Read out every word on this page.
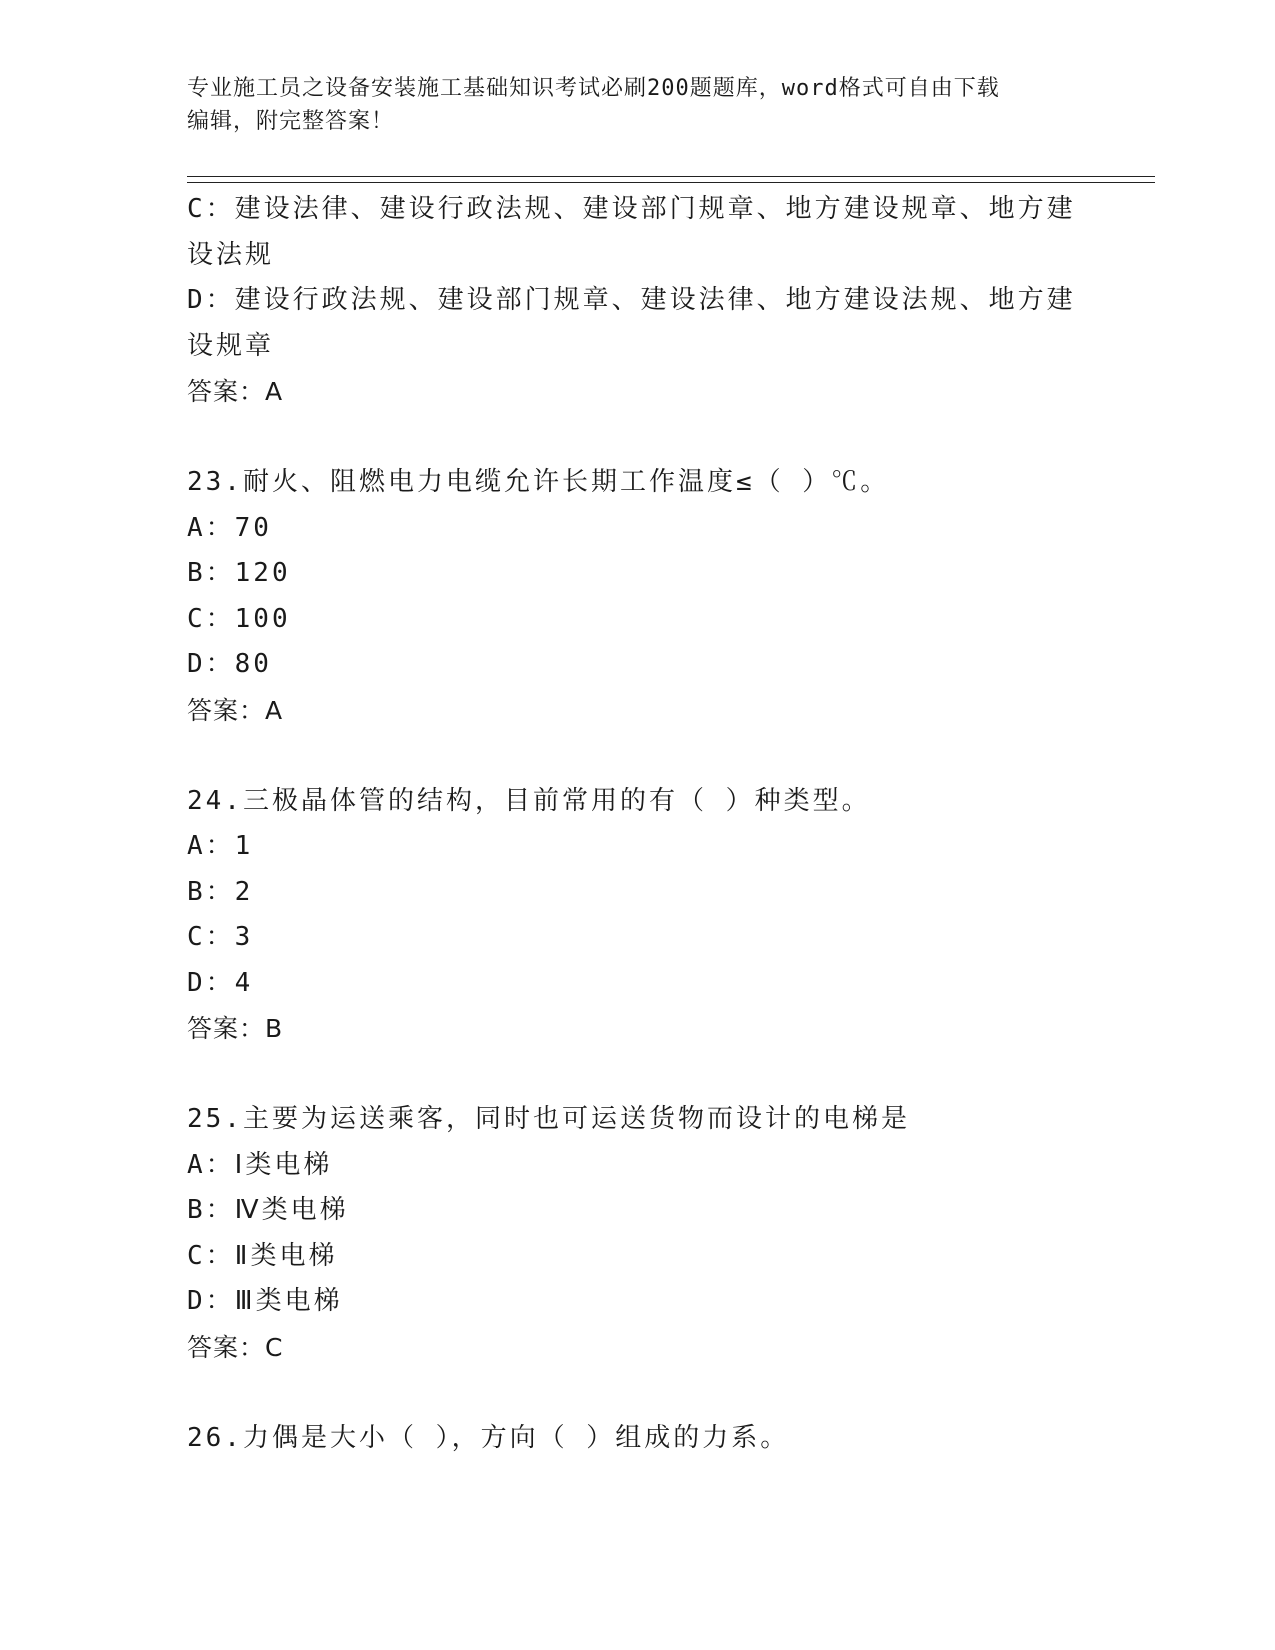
专业施工员之设备安装施工基础知识考试必刷200题题库，word格式可自由下载
编辑，附完整答案！
C：建设法律、建设行政法规、建设部门规章、地方建设规章、地方建
设法规
D：建设行政法规、建设部门规章、建设法律、地方建设法规、地方建
设规章
答案：A
23.耐火、阻燃电力电缆允许长期工作温度≤（ ）℃。
A：70
B：120
C：100
D：80
答案：A
24.三极晶体管的结构，目前常用的有（ ）种类型。
A：1
B：2
C：3
D：4
答案：B
25.主要为运送乘客，同时也可运送货物而设计的电梯是
A：Ⅰ类电梯
B：Ⅳ类电梯
C：Ⅱ类电梯
D：Ⅲ类电梯
答案：C
26.力偶是大小（ ），方向（ ）组成的力系。
